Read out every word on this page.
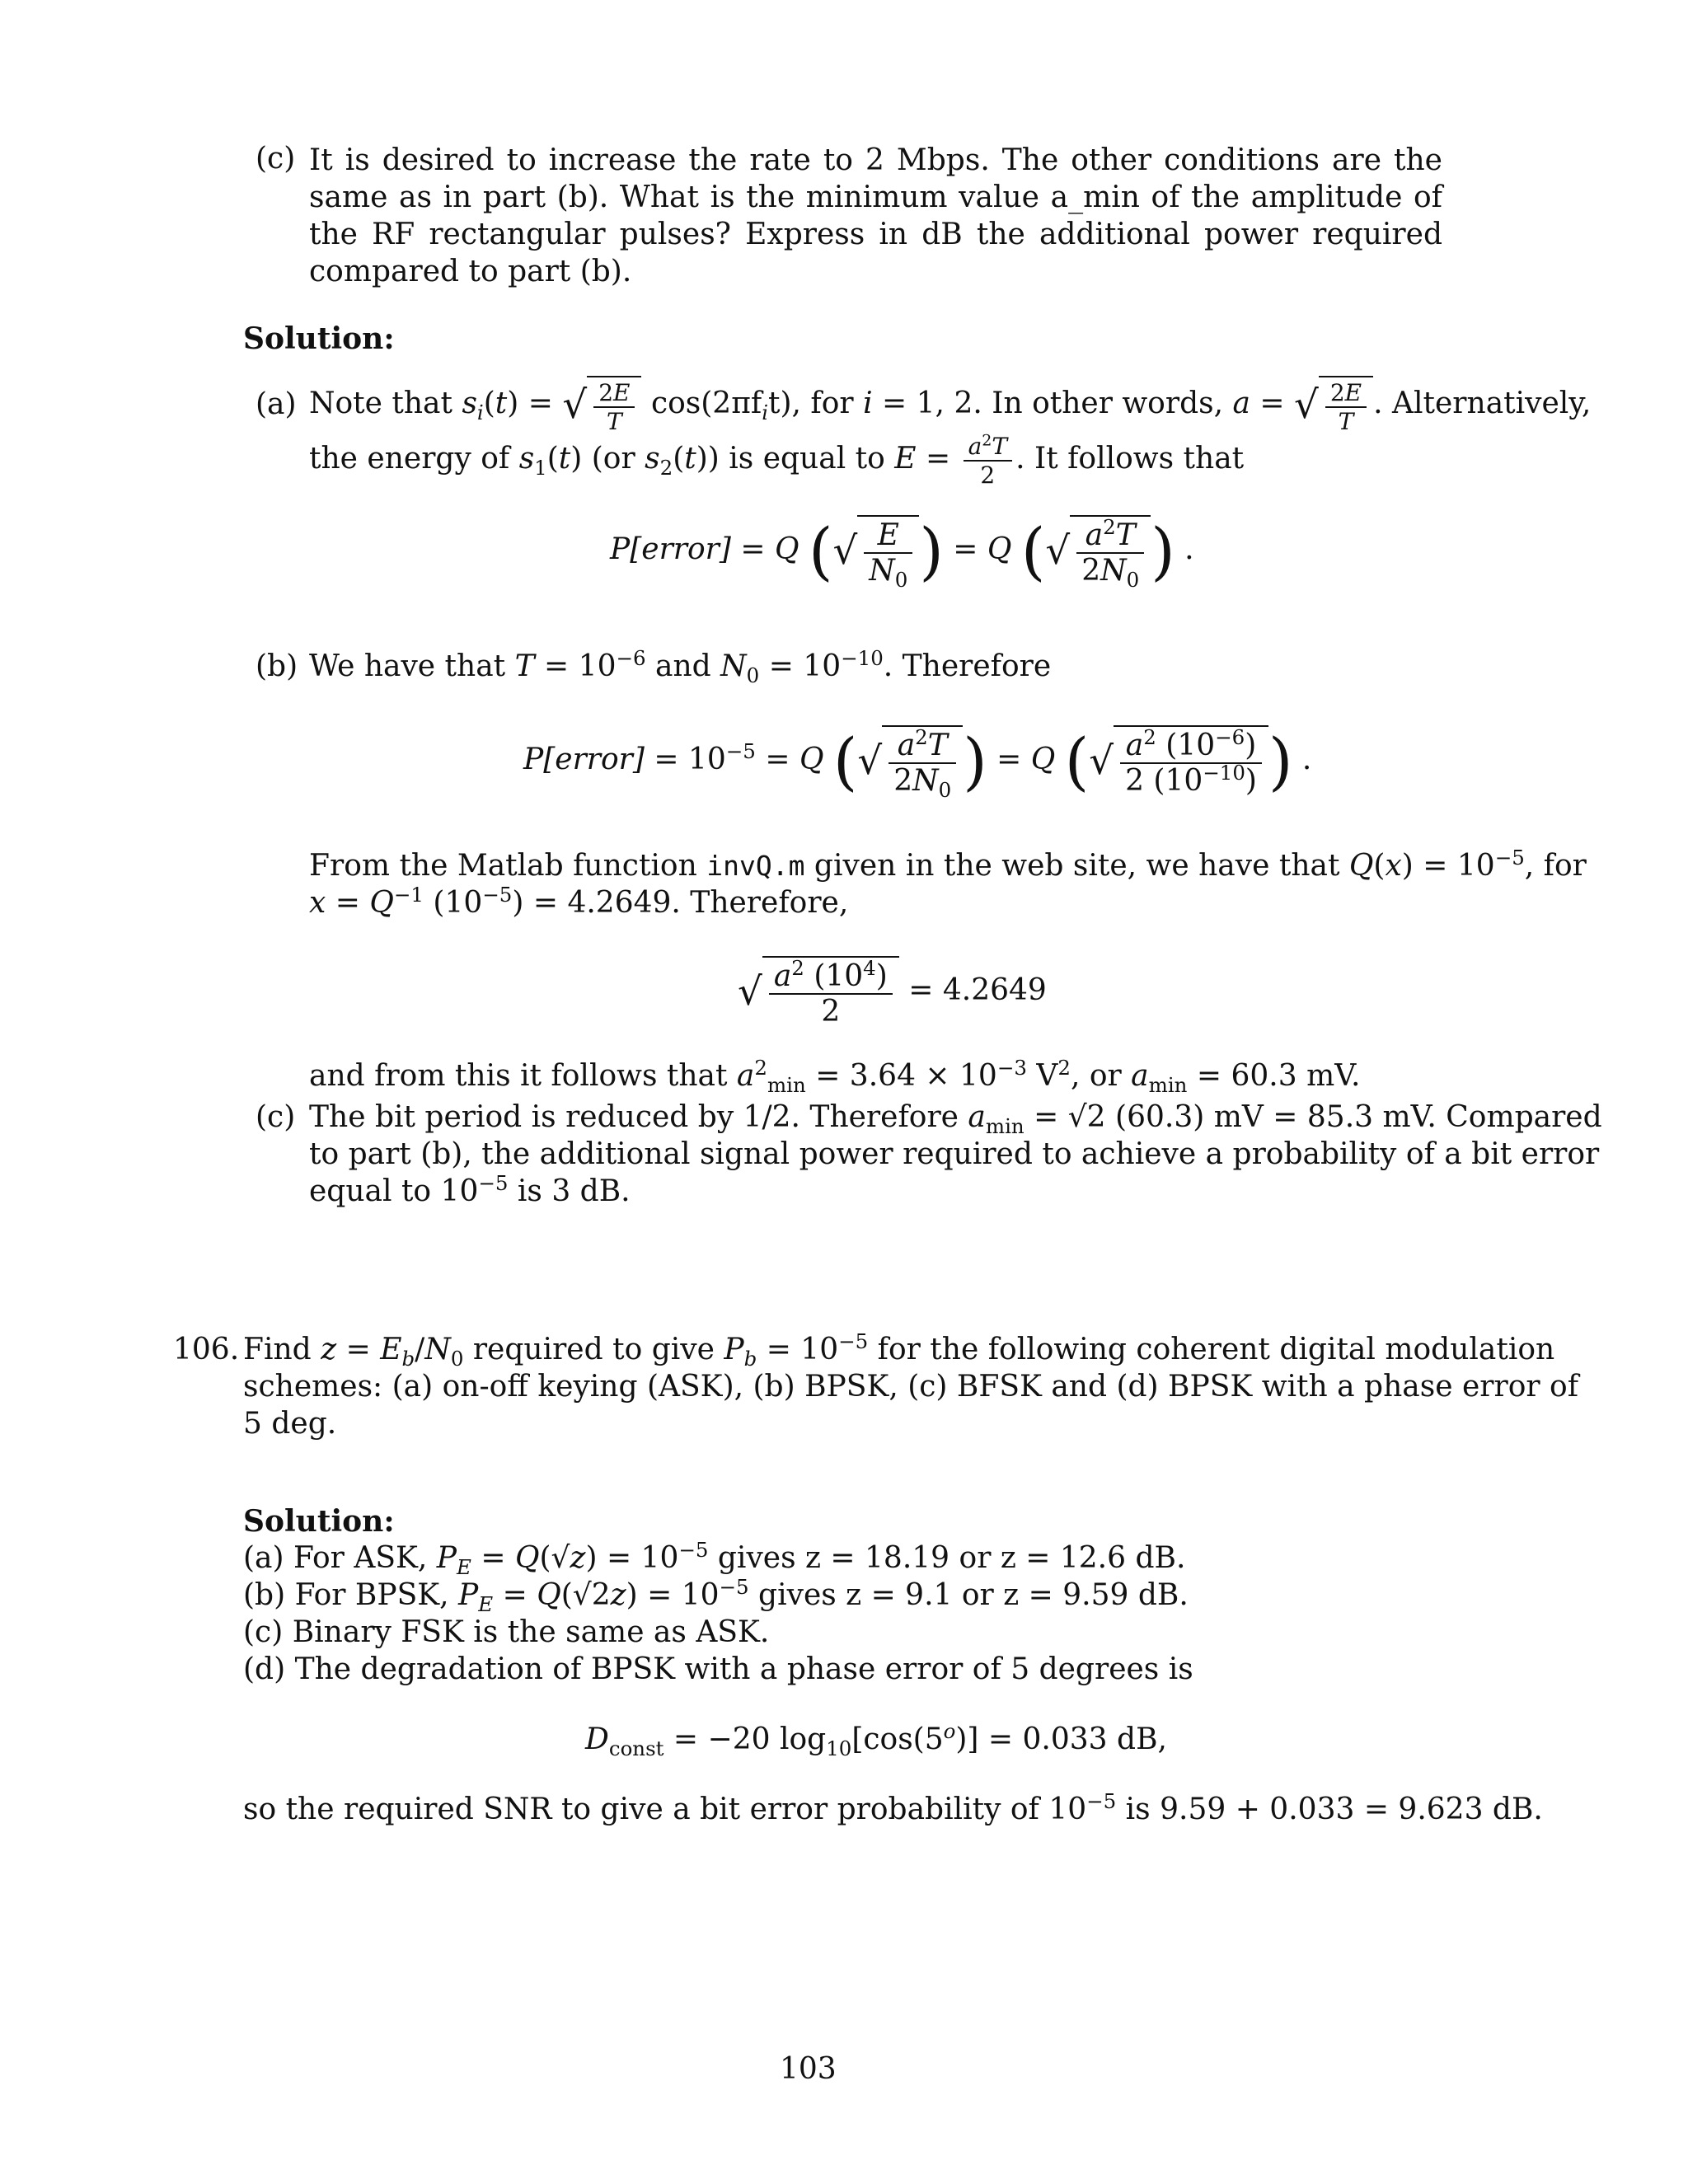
(c) It is desired to increase the rate to 2 Mbps. The other conditions are the same as in part (b). What is the minimum value a_min of the amplitude of the RF rectangular pulses? Express in dB the additional power required compared to part (b).
Solution:
(a) Note that $s_i(t)$ = √ $\frac{2E}{T} \cos(2\pi f_it)$, for i = 1, 2. In other words, a = √ $\frac{2E}{T}$ . Alternatively,
the energy of $s_1(t)$ (or $s_2(t)$) is equal to $E = \frac{a^2T}{2}$ . It follows that
P[error] = Q (√ $\frac{E}{N_0}$ ) = Q (√ $\frac{a^2T}{2N_0}$ ) .
(b) We have that $T = 10^{-6}$ and $N_0 = 10^{-10}$. Therefore
P[error] = $10^{-5} = Q$ (√ $\frac{a^2T}{2N_0}$ ) = Q (√ $\frac{a^2 (10^{-6})}{2 (10^{-10})}$ ) .
From the Matlab function invQ.m given in the web site, we have that $Q(x) = 10^{-5}$, for
$x = Q^{-1}$ $(10^{-5}) = 4.2649$. Therefore,
√ $\frac{a^2 (10^4)}{2} = 4.2649$
and from this it follows that $a^2_{min} = 3.64 \times 10^{-3}$ $V^2$, or $a_{min} = 60.3$ mV.
(c) The bit period is reduced by 1/2. Therefore $a_{min} = √2$ (60.3) mV = 85.3 mV. Compared
to part (b), the additional signal power required to achieve a probability of a bit error
equal to $10^{-5}$ is 3 dB.
106. Find $z = E_b/N_0$ required to give $P_b = 10^{-5}$ for the following coherent digital modulation
schemes: (a) on-off keying (ASK), (b) BPSK, (c) BFSK and (d) BPSK with a phase error of
5 deg.
Solution:
(a) For ASK, $P_E = Q(√z) = 10^{-5}$ gives z = 18.19 or z = 12.6 dB.
(b) For BPSK, $P_E = Q(√2z) = 10^{-5}$ gives z = 9.1 or z = 9.59 dB.
(c) Binary FSK is the same as ASK.
(d) The degradation of BPSK with a phase error of 5 degrees is
$D_{const} = -20$ $\log_{10}[\cos(5^o)] = 0.033$ dB,
so the required SNR to give a bit error probability of $10^{-5}$ is 9.59 + 0.033 = 9.623 dB.
103
